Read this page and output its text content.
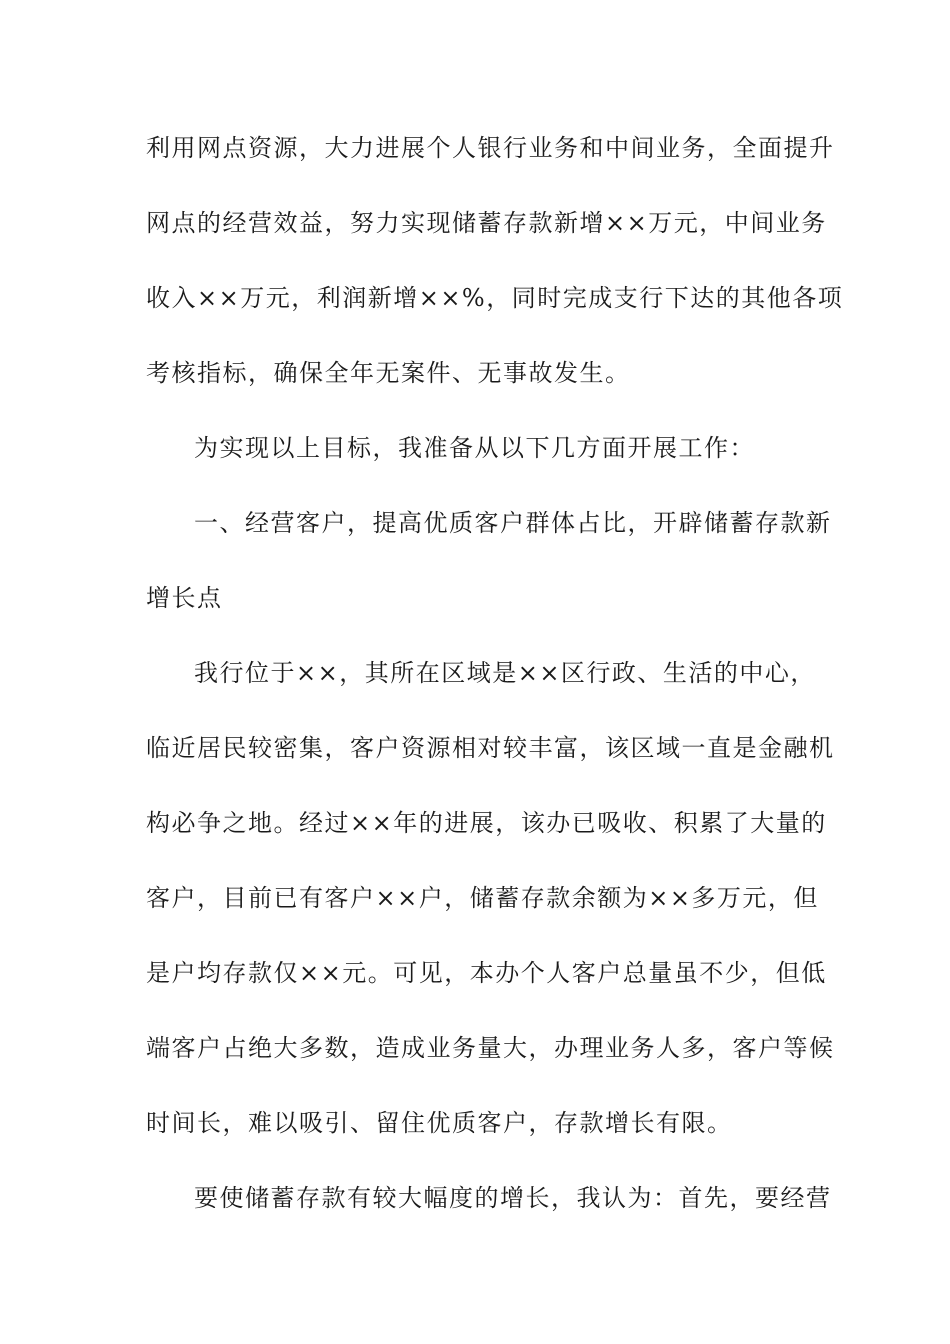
利用网点资源，大力进展个人银行业务和中间业务，全面提升
网点的经营效益，努力实现储蓄存款新增××万元，中间业务
收入××万元，利润新增××%，同时完成支行下达的其他各项
考核指标，确保全年无案件、无事故发生。
为实现以上目标，我准备从以下几方面开展工作：
一、经营客户，提高优质客户群体占比，开辟储蓄存款新
增长点
我行位于××，其所在区域是××区行政、生活的中心，
临近居民较密集，客户资源相对较丰富，该区域一直是金融机
构必争之地。经过××年的进展，该办已吸收、积累了大量的
客户，目前已有客户××户，储蓄存款余额为××多万元，但
是户均存款仅××元。可见，本办个人客户总量虽不少，但低
端客户占绝大多数，造成业务量大，办理业务人多，客户等候
时间长，难以吸引、留住优质客户，存款增长有限。
要使储蓄存款有较大幅度的增长，我认为：首先，要经营
